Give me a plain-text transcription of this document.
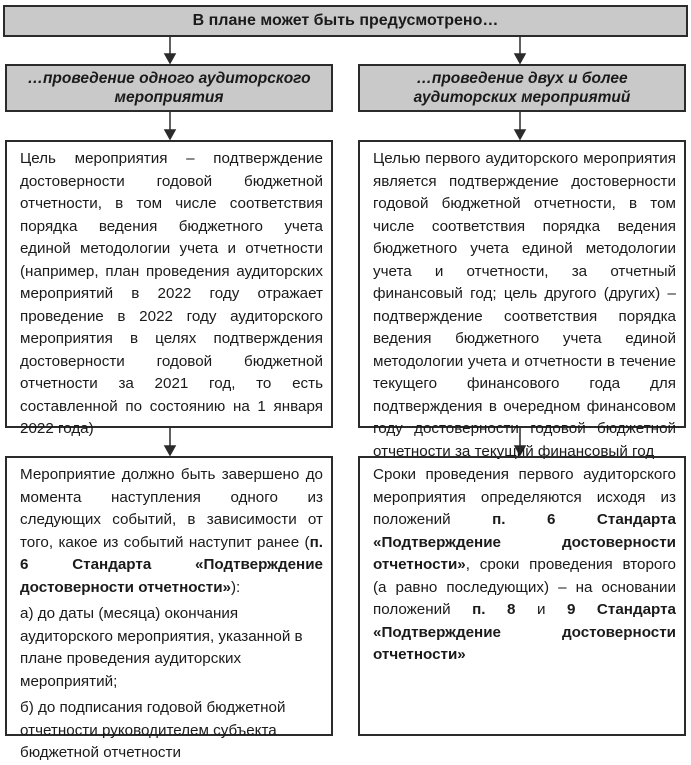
В плане может быть предусмотрено…
…проведение одного аудиторского
мероприятия
…проведение двух и более
аудиторских мероприятий
Цель мероприятия – подтверждение достоверности годовой бюджетной отчетности, в том числе соответствия порядка ведения бюджетного учета единой методологии учета и отчетности (например, план проведения аудиторских мероприятий в 2022 году отражает проведение в 2022 году аудиторского мероприятия в целях подтверждения достоверности годовой бюджетной отчетности за 2021 год, то есть составленной по состоянию на 1 января 2022 года)
Целью первого аудиторского мероприятия является подтверждение достоверности годовой бюджетной отчетности, в том числе соответствия порядка ведения бюджетного учета единой методологии учета и отчетности, за отчетный финансовый год; цель другого (других) – подтверждение соответствия порядка ведения бюджетного учета единой методологии учета и отчетности в течение текущего финансового года для подтверждения в очередном финансовом году достоверности годовой бюджетной отчетности за текущий финансовый год

Мероприятие должно быть завершено до момента наступления одного из следующих событий, в зависимости от того, какое из событий наступит ранее (п. 6 Стандарта «Подтверждение достоверности отчетности»):

а) до даты (месяца) окончания аудиторского мероприятия, указанной в плане проведения аудиторских мероприятий;

б) до подписания годовой бюджетной отчетности руководителем субъекта бюджетной отчетности

Сроки проведения первого аудиторского мероприятия определяются исходя из положений п. 6 Стандарта «Подтверждение достоверности отчетности», сроки проведения второго (а равно последующих) – на основании положений п. 8 и 9 Стандарта «Подтверждение достоверности отчетности»
